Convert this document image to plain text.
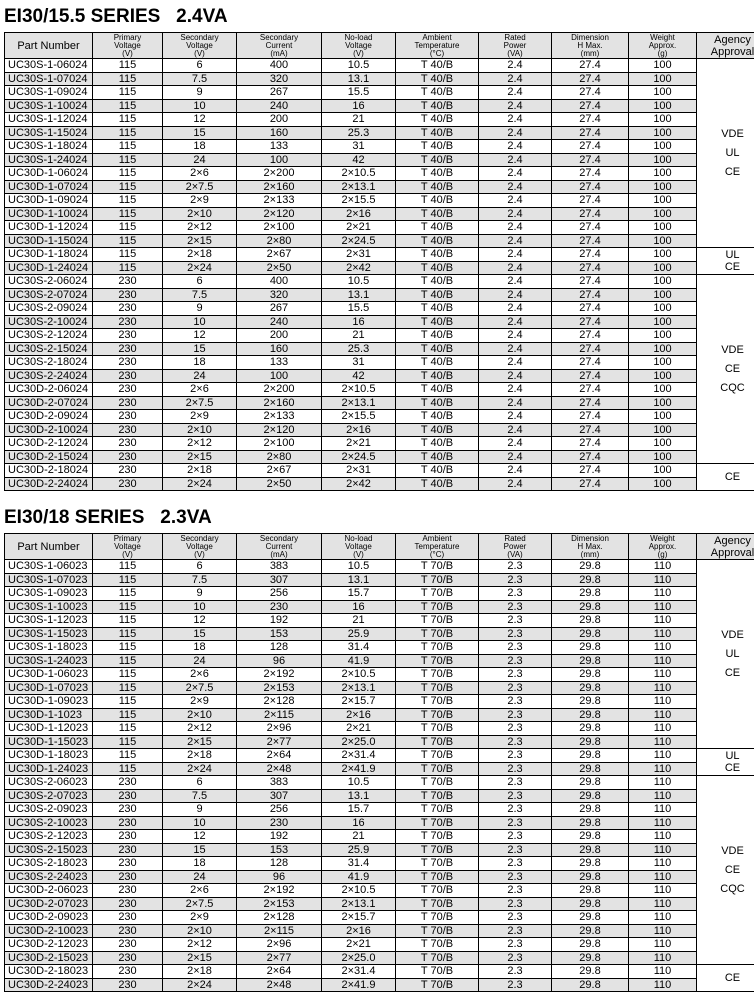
EI30/15.5 SERIES   2.4VA
Part Number	Primary
Voltage
(V)	Secondary
Voltage
(V)	Secondary
Current
(mA)	No-load
Voltage
(V)	Ambient
Temperature
(°C)	Rated
Power
(VA)	Dimension
H Max.
(mm)	Weight
Approx.
(g)	Agency
Approval

UC30S-1-06024	115	6	400	10.5	T 40/B	2.4	27.4	100	VDE
UL
CE

UC30S-1-07024	115	7.5	320	13.1	T 40/B	2.4	27.4	100	
UC30S-1-09024	115	9	267	15.5	T 40/B	2.4	27.4	100	
UC30S-1-10024	115	10	240	16	T 40/B	2.4	27.4	100	
UC30S-1-12024	115	12	200	21	T 40/B	2.4	27.4	100	
UC30S-1-15024	115	15	160	25.3	T 40/B	2.4	27.4	100	
UC30S-1-18024	115	18	133	31	T 40/B	2.4	27.4	100	
UC30S-1-24024	115	24	100	42	T 40/B	2.4	27.4	100	
UC30D-1-06024	115	2×6	2×200	2×10.5	T 40/B	2.4	27.4	100	
UC30D-1-07024	115	2×7.5	2×160	2×13.1	T 40/B	2.4	27.4	100	
UC30D-1-09024	115	2×9	2×133	2×15.5	T 40/B	2.4	27.4	100	
UC30D-1-10024	115	2×10	2×120	2×16	T 40/B	2.4	27.4	100	
UC30D-1-12024	115	2×12	2×100	2×21	T 40/B	2.4	27.4	100	
UC30D-1-15024	115	2×15	2×80	2×24.5	T 40/B	2.4	27.4	100	
UC30D-1-18024	115	2×18	2×67	2×31	T 40/B	2.4	27.4	100	UL
CE

UC30D-1-24024	115	2×24	2×50	2×42	T 40/B	2.4	27.4	100	
UC30S-2-06024	230	6	400	10.5	T 40/B	2.4	27.4	100	VDE
CE
CQC

UC30S-2-07024	230	7.5	320	13.1	T 40/B	2.4	27.4	100	
UC30S-2-09024	230	9	267	15.5	T 40/B	2.4	27.4	100	
UC30S-2-10024	230	10	240	16	T 40/B	2.4	27.4	100	
UC30S-2-12024	230	12	200	21	T 40/B	2.4	27.4	100	
UC30S-2-15024	230	15	160	25.3	T 40/B	2.4	27.4	100	
UC30S-2-18024	230	18	133	31	T 40/B	2.4	27.4	100	
UC30S-2-24024	230	24	100	42	T 40/B	2.4	27.4	100	
UC30D-2-06024	230	2×6	2×200	2×10.5	T 40/B	2.4	27.4	100	
UC30D-2-07024	230	2×7.5	2×160	2×13.1	T 40/B	2.4	27.4	100	
UC30D-2-09024	230	2×9	2×133	2×15.5	T 40/B	2.4	27.4	100	
UC30D-2-10024	230	2×10	2×120	2×16	T 40/B	2.4	27.4	100	
UC30D-2-12024	230	2×12	2×100	2×21	T 40/B	2.4	27.4	100	
UC30D-2-15024	230	2×15	2×80	2×24.5	T 40/B	2.4	27.4	100	
UC30D-2-18024	230	2×18	2×67	2×31	T 40/B	2.4	27.4	100	CE

UC30D-2-24024	230	2×24	2×50	2×42	T 40/B	2.4	27.4	100	
EI30/18 SERIES   2.3VA
Part Number	Primary
Voltage
(V)	Secondary
Voltage
(V)	Secondary
Current
(mA)	No-load
Voltage
(V)	Ambient
Temperature
(°C)	Rated
Power
(VA)	Dimension
H Max.
(mm)	Weight
Approx.
(g)	Agency
Approval

UC30S-1-06023	115	6	383	10.5	T 70/B	2.3	29.8	110	VDE
UL
CE

UC30S-1-07023	115	7.5	307	13.1	T 70/B	2.3	29.8	110	
UC30S-1-09023	115	9	256	15.7	T 70/B	2.3	29.8	110	
UC30S-1-10023	115	10	230	16	T 70/B	2.3	29.8	110	
UC30S-1-12023	115	12	192	21	T 70/B	2.3	29.8	110	
UC30S-1-15023	115	15	153	25.9	T 70/B	2.3	29.8	110	
UC30S-1-18023	115	18	128	31.4	T 70/B	2.3	29.8	110	
UC30S-1-24023	115	24	96	41.9	T 70/B	2.3	29.8	110	
UC30D-1-06023	115	2×6	2×192	2×10.5	T 70/B	2.3	29.8	110	
UC30D-1-07023	115	2×7.5	2×153	2×13.1	T 70/B	2.3	29.8	110	
UC30D-1-09023	115	2×9	2×128	2×15.7	T 70/B	2.3	29.8	110	
UC30D-1-1023	115	2×10	2×115	2×16	T 70/B	2.3	29.8	110	
UC30D-1-12023	115	2×12	2×96	2×21	T 70/B	2.3	29.8	110	
UC30D-1-15023	115	2×15	2×77	2×25.0	T 70/B	2.3	29.8	110	
UC30D-1-18023	115	2×18	2×64	2×31.4	T 70/B	2.3	29.8	110	UL
CE

UC30D-1-24023	115	2×24	2×48	2×41.9	T 70/B	2.3	29.8	110	
UC30S-2-06023	230	6	383	10.5	T 70/B	2.3	29.8	110	VDE
CE
CQC

UC30S-2-07023	230	7.5	307	13.1	T 70/B	2.3	29.8	110	
UC30S-2-09023	230	9	256	15.7	T 70/B	2.3	29.8	110	
UC30S-2-10023	230	10	230	16	T 70/B	2.3	29.8	110	
UC30S-2-12023	230	12	192	21	T 70/B	2.3	29.8	110	
UC30S-2-15023	230	15	153	25.9	T 70/B	2.3	29.8	110	
UC30S-2-18023	230	18	128	31.4	T 70/B	2.3	29.8	110	
UC30S-2-24023	230	24	96	41.9	T 70/B	2.3	29.8	110	
UC30D-2-06023	230	2×6	2×192	2×10.5	T 70/B	2.3	29.8	110	
UC30D-2-07023	230	2×7.5	2×153	2×13.1	T 70/B	2.3	29.8	110	
UC30D-2-09023	230	2×9	2×128	2×15.7	T 70/B	2.3	29.8	110	
UC30D-2-10023	230	2×10	2×115	2×16	T 70/B	2.3	29.8	110	
UC30D-2-12023	230	2×12	2×96	2×21	T 70/B	2.3	29.8	110	
UC30D-2-15023	230	2×15	2×77	2×25.0	T 70/B	2.3	29.8	110	
UC30D-2-18023	230	2×18	2×64	2×31.4	T 70/B	2.3	29.8	110	CE

UC30D-2-24023	230	2×24	2×48	2×41.9	T 70/B	2.3	29.8	110	
